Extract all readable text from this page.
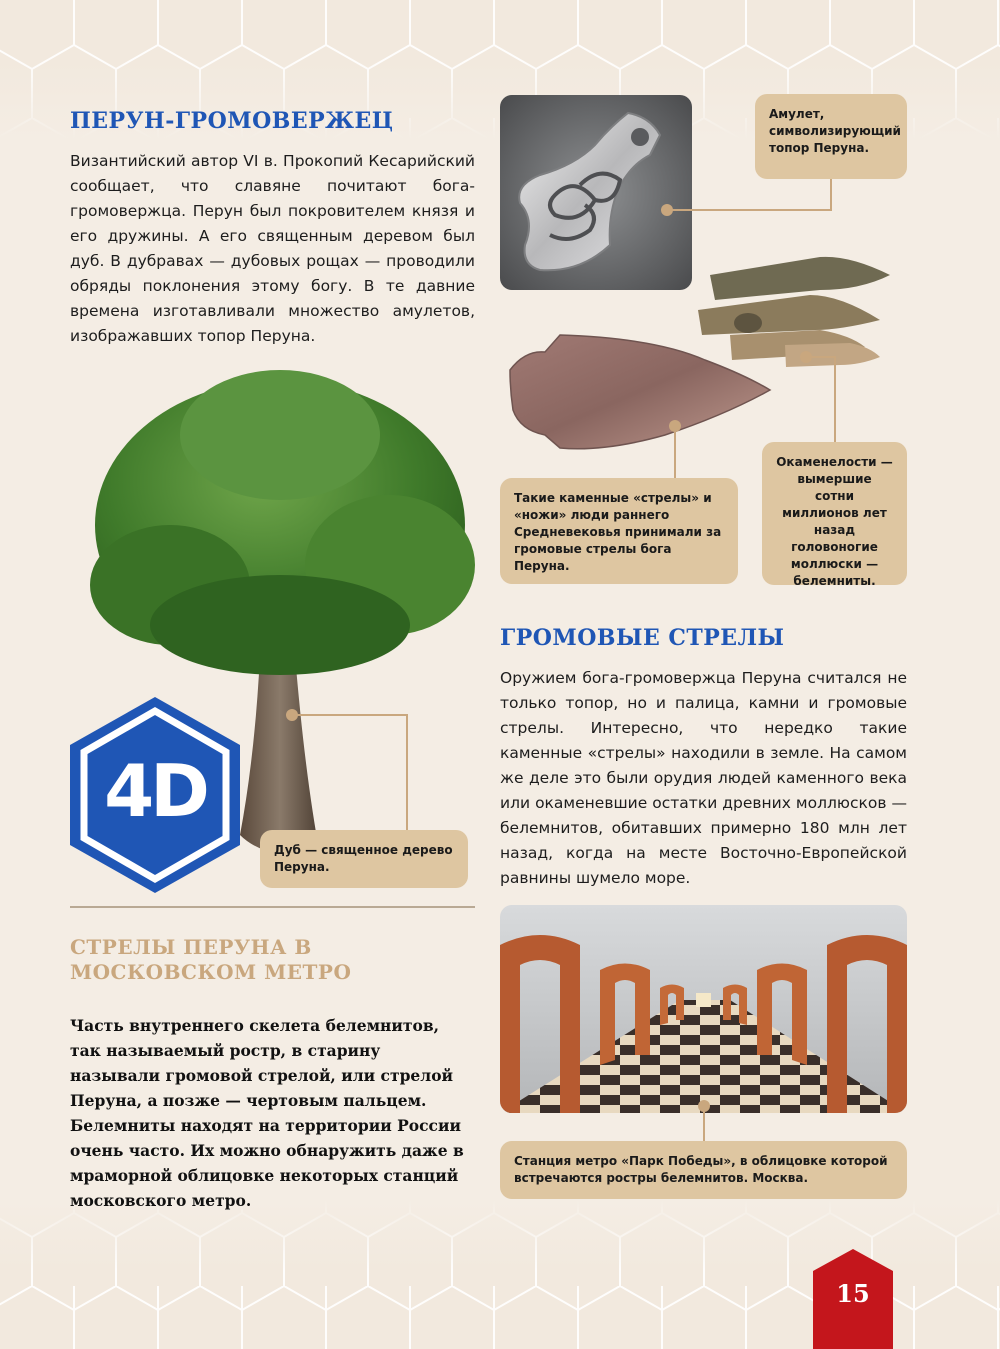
ПЕРУН-ГРОМОВЕРЖЕЦ

Византийский автор VI в. Прокопий Кесарийский сообщает, что славяне почитают бога-громовержца. Перун был покровителем князя и его дружины. А его священным деревом был дуб. В дубравах — дубовых рощах — проводили обряды поклонения этому богу. В те давние времена изготавливали множество амулетов, изображавших топор Перуна.

Амулет, символизирующий топор Перуна.
Такие каменные «стрелы» и «ножи» люди раннего Средневековья принимали за громовые стрелы бога Перуна.
Окаменелости — вымершие сотни миллионов лет назад головоногие моллюски — белемниты.
4D
Дуб — священное дерево Перуна.
ГРОМОВЫЕ СТРЕЛЫ

Оружием бога-громовержца Перуна считался не только топор, но и палица, камни и громовые стрелы. Интересно, что нередко такие каменные «стрелы» находили в земле. На самом же деле это были орудия людей каменного века или окаменевшие остатки древних моллюсков — белемнитов, обитавших примерно 180 млн лет назад, когда на месте Восточно-Европейской равнины шумело море.

СТРЕЛЫ ПЕРУНА В МОСКОВСКОМ МЕТРО

Часть внутреннего скелета белемнитов, так называемый ростр, в старину называли громовой стрелой, или стрелой Перуна, а позже — чертовым пальцем. Белемниты находят на территории России очень часто. Их можно обнаружить даже в мраморной облицовке некоторых станций московского метро.

Станция метро «Парк Победы», в облицовке которой встречаются ростры белемнитов. Москва.
15
